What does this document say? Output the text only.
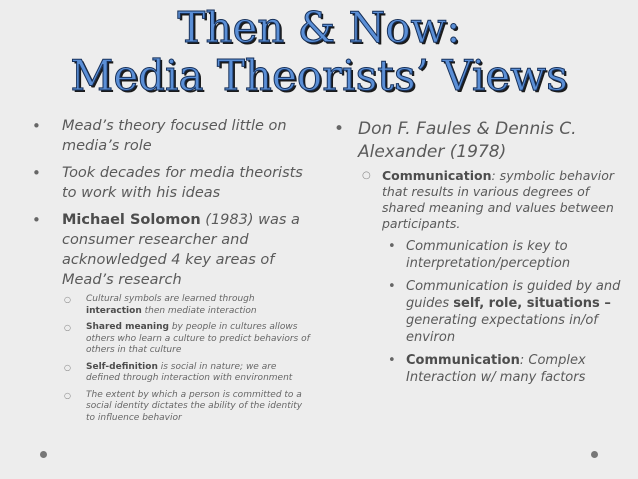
Then & Now:
Media Theorists’ Views
• Mead’s theory focused little on media’s role
• Took decades for media theorists to work with his ideas
• Michael Solomon (1983) was a consumer researcher and acknowledged 4 key areas of Mead’s research
○ Cultural symbols are learned through interaction then mediate interaction
○ Shared meaning by people in cultures allows others who learn a culture to predict behaviors of others in that culture
○ Self-definition is social in nature; we are defined through interaction with environment
○ The extent by which a person is committed to a social identity dictates the ability of the identity to influence behavior
• Don F. Faules & Dennis C. Alexander (1978)
○ Communication: symbolic behavior that results in various degrees of shared meaning and values between participants.
• Communication is key to interpretation/perception
• Communication is guided by and guides self, role, situations – generating expectations in/of environ
• Communication: Complex Interaction w/ many factors
